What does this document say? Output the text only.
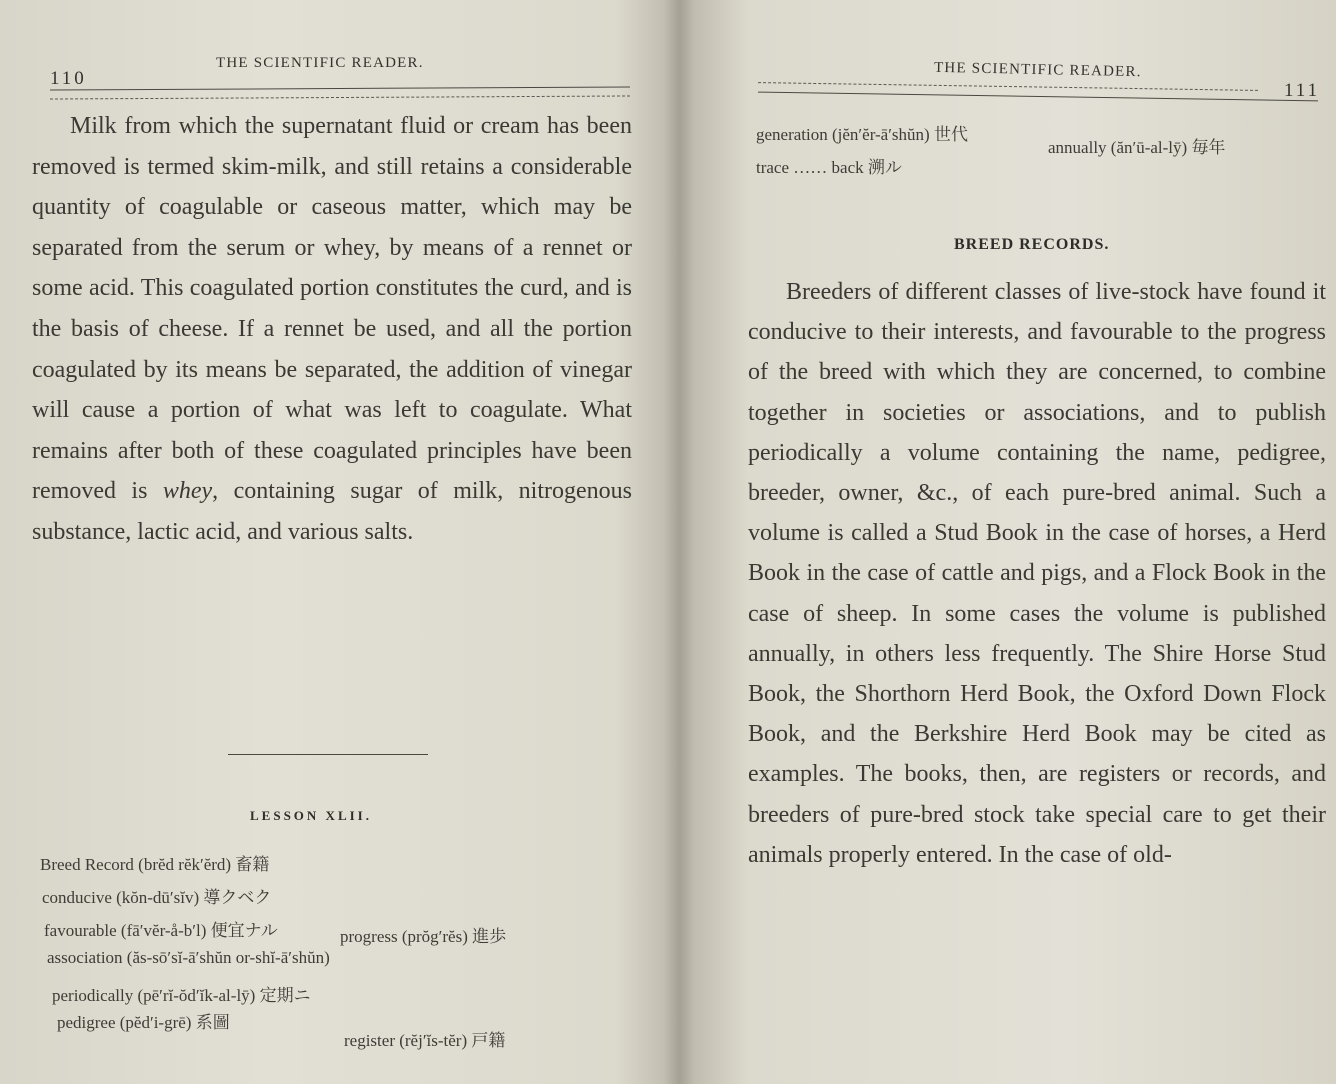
110
THE SCIENTIFIC READER.
Milk from which the supernatant fluid or cream has been removed is termed skim-milk, and still retains a considerable quantity of coagulable or caseous matter, which may be separated from the serum or whey, by means of a rennet or some acid. This coagulated portion constitutes the curd, and is the basis of cheese. If a rennet be used, and all the portion coagulated by its means be separated, the addition of vinegar will cause a portion of what was left to coagulate. What remains after both of these coagulated principles have been removed is whey, containing sugar of milk, nitrogenous substance, lactic acid, and various salts.
LESSON XLII.
Breed Record (brĕd rĕk′ĕrd) 畜籍
conducive (kŏn-dū′sĭv) 導クベク
favourable (fā′vĕr-å-b′l) 便宜ナル	progress (prŏg′rĕs) 進歩
association (ăs-sō′sĭ-ā′shŭn or-shĭ-ā′shŭn)
periodically (pē′rĭ-ŏd′ĭk-al-lȳ) 定期ニ
pedigree (pĕd′i-grē) 系圖
register (rĕj′ĭs-tĕr) 戸籍
THE SCIENTIFIC READER.
111
generation (jĕn′ĕr-ā′shŭn) 世代
annually (ăn′ū-al-lȳ) 毎年
trace …… back 溯ル
BREED RECORDS.
Breeders of different classes of live-stock have found it conducive to their interests, and favourable to the progress of the breed with which they are concerned, to combine together in societies or associations, and to publish periodically a volume containing the name, pedigree, breeder, owner, &c., of each pure-bred animal. Such a volume is called a Stud Book in the case of horses, a Herd Book in the case of cattle and pigs, and a Flock Book in the case of sheep. In some cases the volume is published annually, in others less frequently. The Shire Horse Stud Book, the Shorthorn Herd Book, the Oxford Down Flock Book, and the Berkshire Herd Book may be cited as examples. The books, then, are registers or records, and breeders of pure-bred stock take special care to get their animals properly entered. In the case of old-
